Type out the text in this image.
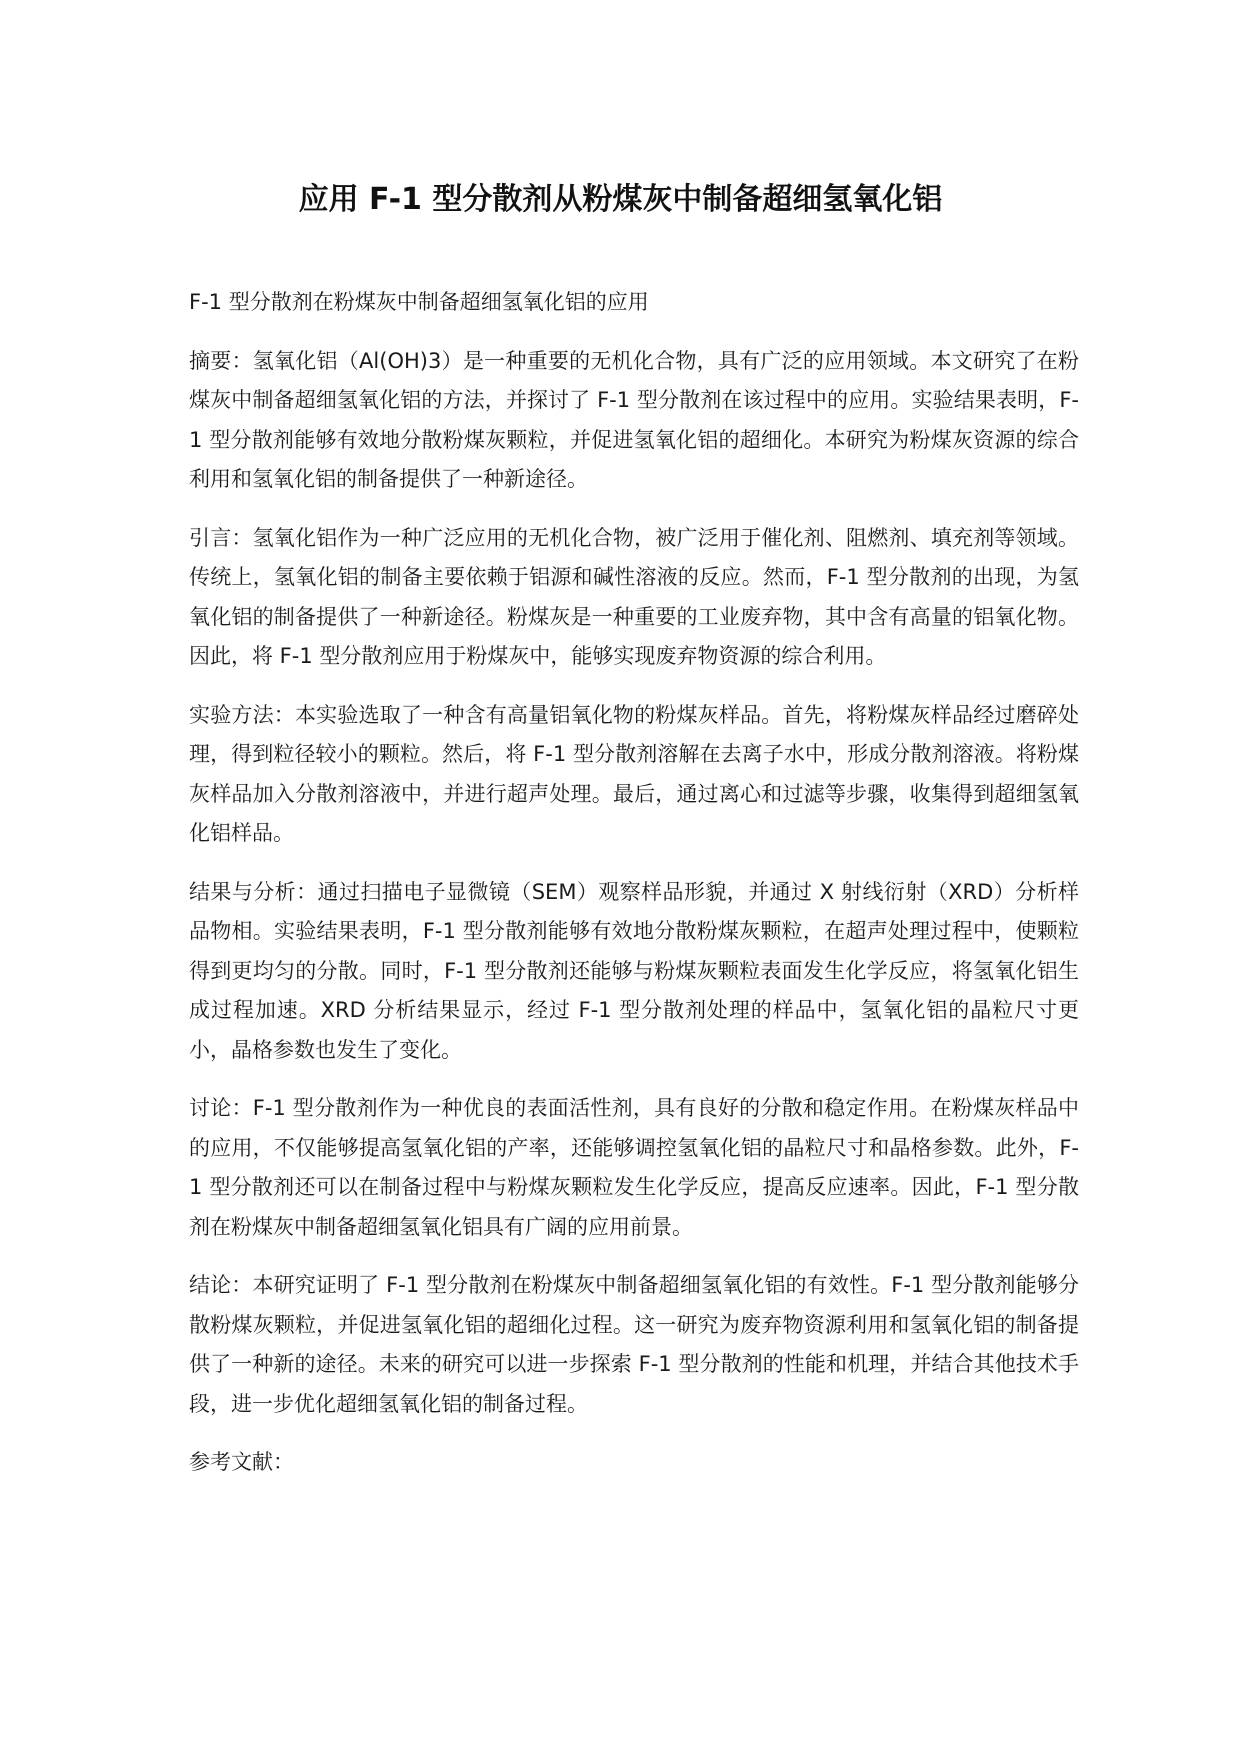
应用 F-1 型分散剂从粉煤灰中制备超细氢氧化铝

F-1 型分散剂在粉煤灰中制备超细氢氧化铝的应用

摘要：氢氧化铝（Al(OH)3）是一种重要的无机化合物，具有广泛的应用领域。本文研究了在粉煤灰中制备超细氢氧化铝的方法，并探讨了 F-1 型分散剂在该过程中的应用。实验结果表明，F-1 型分散剂能够有效地分散粉煤灰颗粒，并促进氢氧化铝的超细化。本研究为粉煤灰资源的综合利用和氢氧化铝的制备提供了一种新途径。

引言：氢氧化铝作为一种广泛应用的无机化合物，被广泛用于催化剂、阻燃剂、填充剂等领域。传统上，氢氧化铝的制备主要依赖于铝源和碱性溶液的反应。然而，F-1 型分散剂的出现，为氢氧化铝的制备提供了一种新途径。粉煤灰是一种重要的工业废弃物，其中含有高量的铝氧化物。因此，将 F-1 型分散剂应用于粉煤灰中，能够实现废弃物资源的综合利用。

实验方法：本实验选取了一种含有高量铝氧化物的粉煤灰样品。首先，将粉煤灰样品经过磨碎处理，得到粒径较小的颗粒。然后，将 F-1 型分散剂溶解在去离子水中，形成分散剂溶液。将粉煤灰样品加入分散剂溶液中，并进行超声处理。最后，通过离心和过滤等步骤，收集得到超细氢氧化铝样品。

结果与分析：通过扫描电子显微镜（SEM）观察样品形貌，并通过 X 射线衍射（XRD）分析样品物相。实验结果表明，F-1 型分散剂能够有效地分散粉煤灰颗粒，在超声处理过程中，使颗粒得到更均匀的分散。同时，F-1 型分散剂还能够与粉煤灰颗粒表面发生化学反应，将氢氧化铝生成过程加速。XRD 分析结果显示，经过 F-1 型分散剂处理的样品中，氢氧化铝的晶粒尺寸更小，晶格参数也发生了变化。

讨论：F-1 型分散剂作为一种优良的表面活性剂，具有良好的分散和稳定作用。在粉煤灰样品中的应用，不仅能够提高氢氧化铝的产率，还能够调控氢氧化铝的晶粒尺寸和晶格参数。此外，F-1 型分散剂还可以在制备过程中与粉煤灰颗粒发生化学反应，提高反应速率。因此，F-1 型分散剂在粉煤灰中制备超细氢氧化铝具有广阔的应用前景。

结论：本研究证明了 F-1 型分散剂在粉煤灰中制备超细氢氧化铝的有效性。F-1 型分散剂能够分散粉煤灰颗粒，并促进氢氧化铝的超细化过程。这一研究为废弃物资源利用和氢氧化铝的制备提供了一种新的途径。未来的研究可以进一步探索 F-1 型分散剂的性能和机理，并结合其他技术手段，进一步优化超细氢氧化铝的制备过程。

参考文献：
